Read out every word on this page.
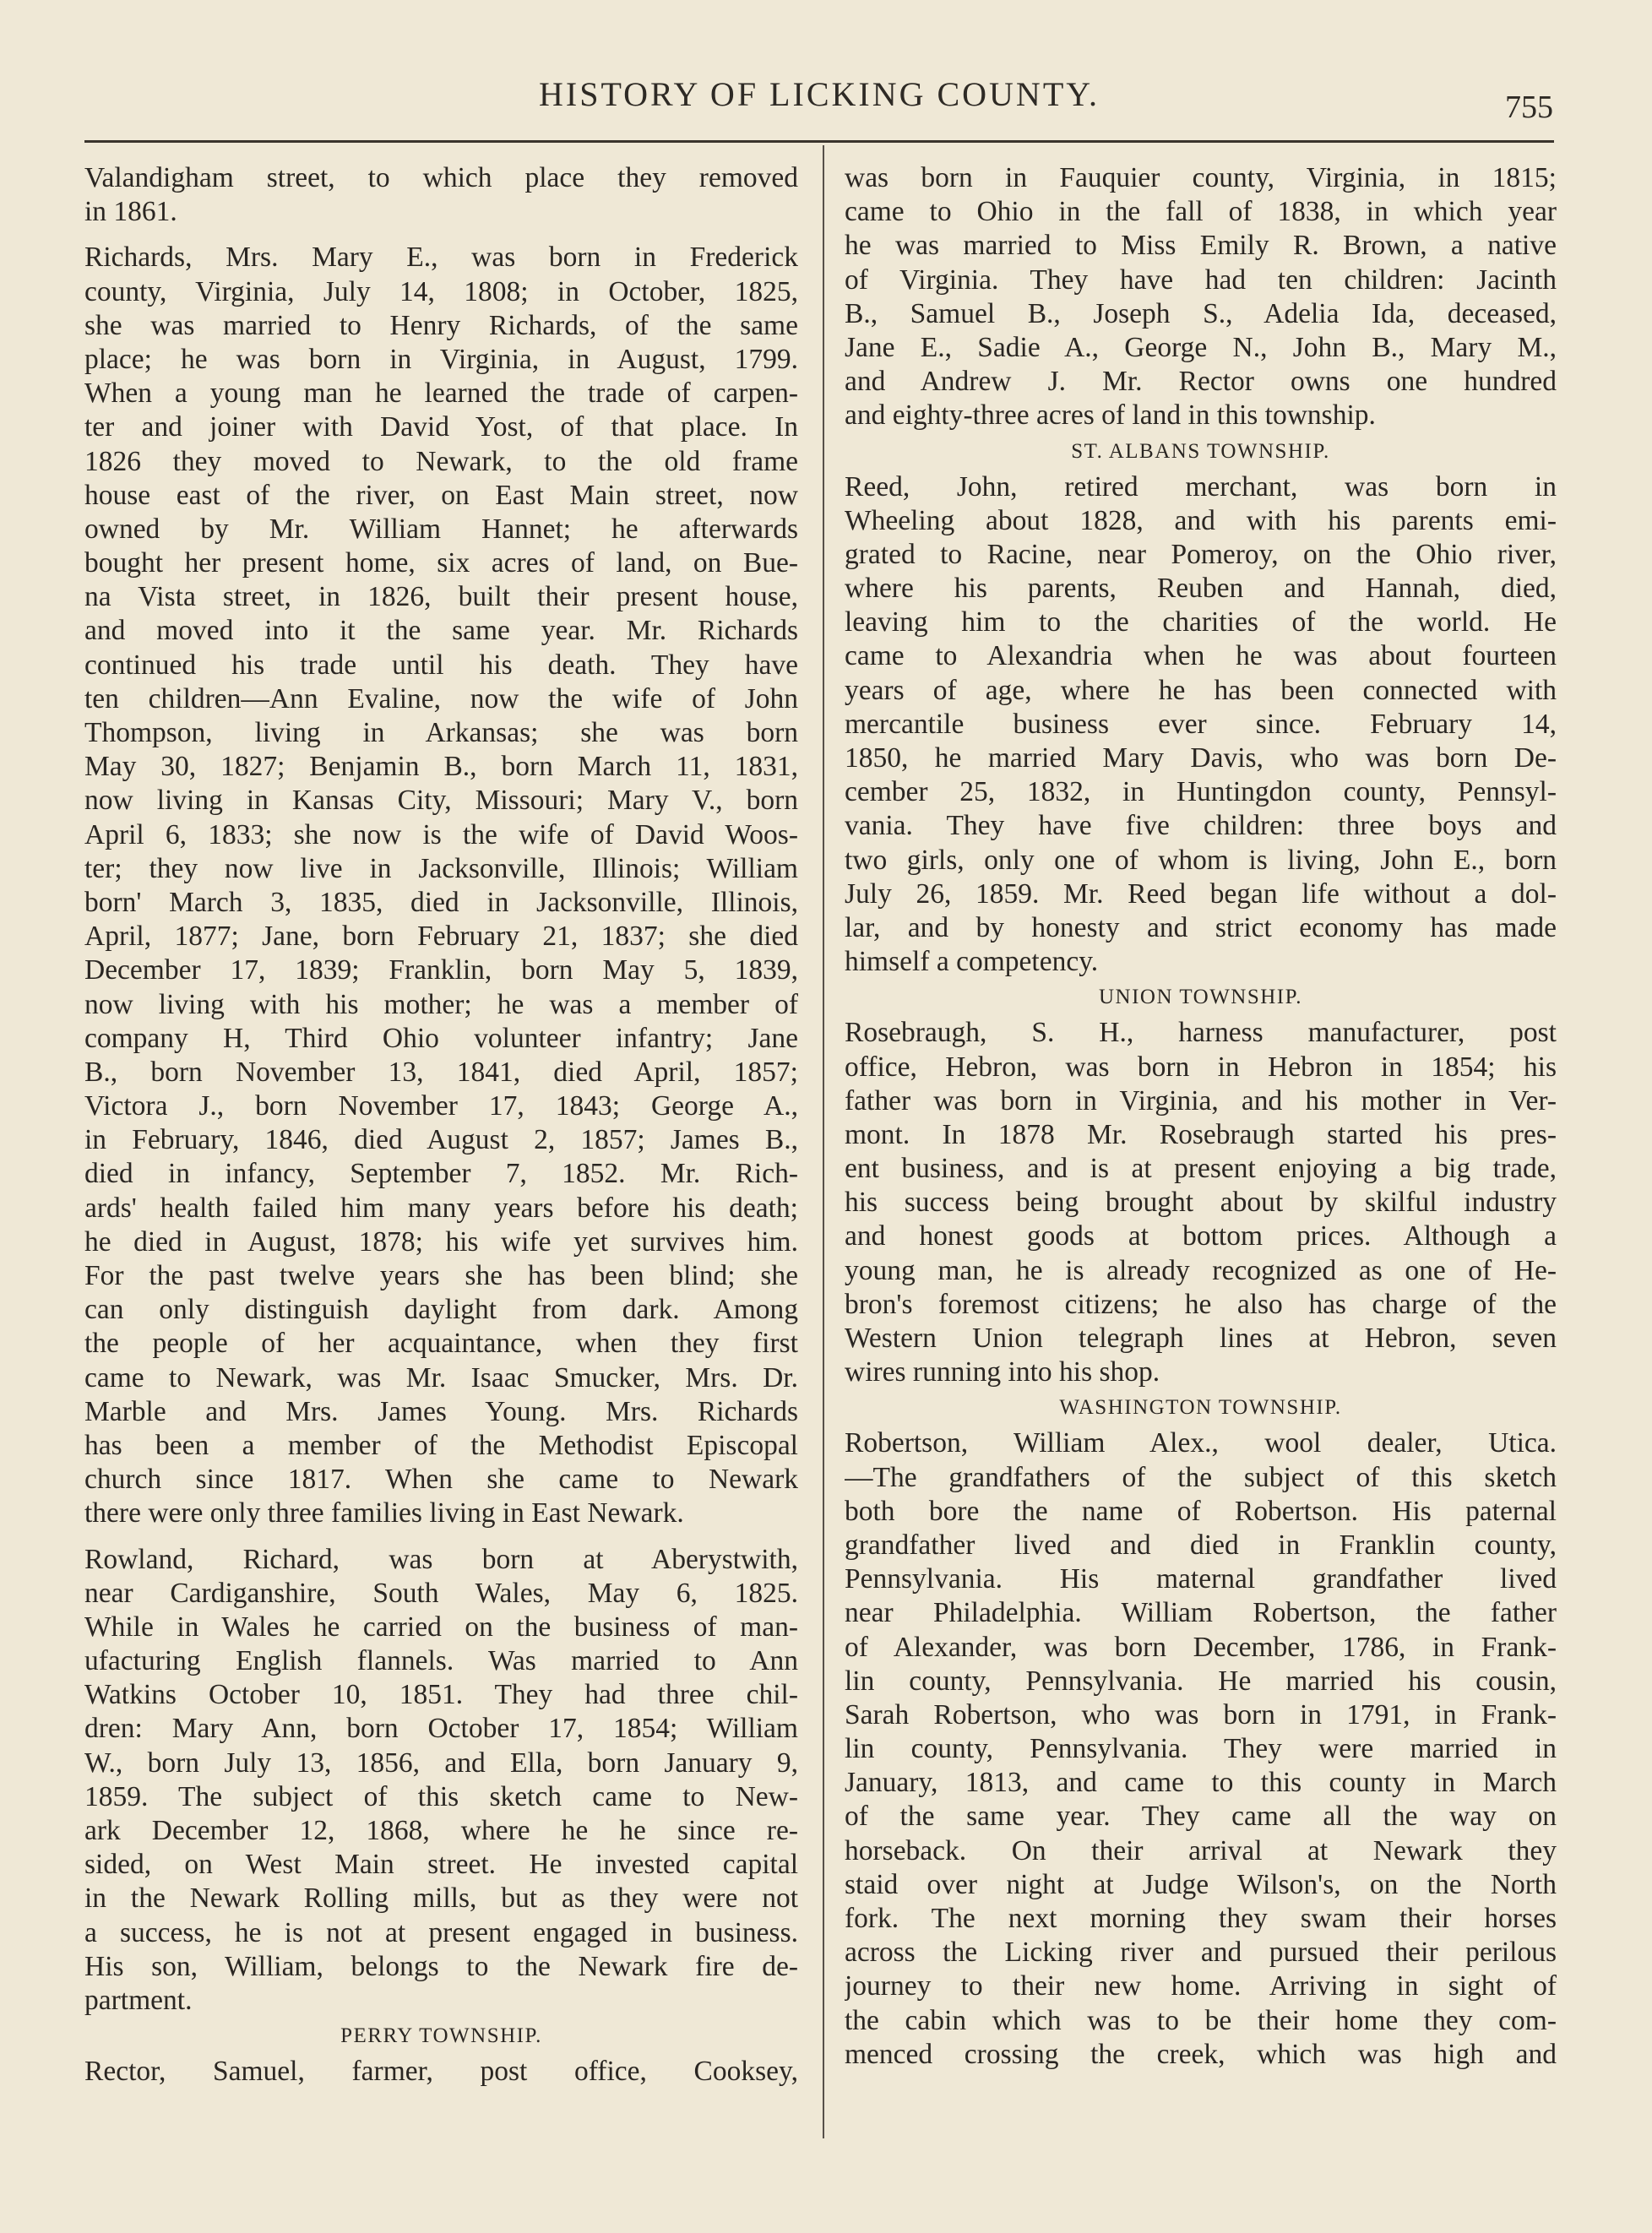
HISTORY OF LICKING COUNTY.	755
Valandigham street, to which place they removed
in 1861.
Richards, Mrs. Mary E., was born in Frederick
county, Virginia, July 14, 1808; in October, 1825,
she was married to Henry Richards, of the same
place; he was born in Virginia, in August, 1799.
When a young man he learned the trade of carpen-
ter and joiner with David Yost, of that place. In
1826 they moved to Newark, to the old frame
house east of the river, on East Main street, now
owned by Mr. William Hannet; he afterwards
bought her present home, six acres of land, on Bue-
na Vista street, in 1826, built their present house,
and moved into it the same year. Mr. Richards
continued his trade until his death. They have
ten children—Ann Evaline, now the wife of John
Thompson, living in Arkansas; she was born
May 30, 1827; Benjamin B., born March 11, 1831,
now living in Kansas City, Missouri; Mary V., born
April 6, 1833; she now is the wife of David Woos-
ter; they now live in Jacksonville, Illinois; William
born' March 3, 1835, died in Jacksonville, Illinois,
April, 1877; Jane, born February 21, 1837; she died
December 17, 1839; Franklin, born May 5, 1839,
now living with his mother; he was a member of
company H, Third Ohio volunteer infantry; Jane
B., born November 13, 1841, died April, 1857;
Victora J., born November 17, 1843; George A.,
in February, 1846, died August 2, 1857; James B.,
died in infancy, September 7, 1852. Mr. Rich-
ards' health failed him many years before his death;
he died in August, 1878; his wife yet survives him.
For the past twelve years she has been blind; she
can only distinguish daylight from dark. Among
the people of her acquaintance, when they first
came to Newark, was Mr. Isaac Smucker, Mrs. Dr.
Marble and Mrs. James Young. Mrs. Richards
has been a member of the Methodist Episcopal
church since 1817. When she came to Newark
there were only three families living in East Newark.
Rowland, Richard, was born at Aberystwith,
near Cardiganshire, South Wales, May 6, 1825.
While in Wales he carried on the business of man-
ufacturing English flannels. Was married to Ann
Watkins October 10, 1851. They had three chil-
dren: Mary Ann, born October 17, 1854; William
W., born July 13, 1856, and Ella, born January 9,
1859. The subject of this sketch came to New-
ark December 12, 1868, where he he since re-
sided, on West Main street. He invested capital
in the Newark Rolling mills, but as they were not
a success, he is not at present engaged in business.
His son, William, belongs to the Newark fire de-
partment.
PERRY TOWNSHIP.
Rector, Samuel, farmer, post office, Cooksey,
was born in Fauquier county, Virginia, in 1815;
came to Ohio in the fall of 1838, in which year
he was married to Miss Emily R. Brown, a native
of Virginia. They have had ten children: Jacinth
B., Samuel B., Joseph S., Adelia Ida, deceased,
Jane E., Sadie A., George N., John B., Mary M.,
and Andrew J. Mr. Rector owns one hundred
and eighty-three acres of land in this township.
ST. ALBANS TOWNSHIP.
Reed, John, retired merchant, was born in
Wheeling about 1828, and with his parents emi-
grated to Racine, near Pomeroy, on the Ohio river,
where his parents, Reuben and Hannah, died,
leaving him to the charities of the world. He
came to Alexandria when he was about fourteen
years of age, where he has been connected with
mercantile business ever since. February 14,
1850, he married Mary Davis, who was born De-
cember 25, 1832, in Huntingdon county, Pennsyl-
vania. They have five children: three boys and
two girls, only one of whom is living, John E., born
July 26, 1859. Mr. Reed began life without a dol-
lar, and by honesty and strict economy has made
himself a competency.
UNION TOWNSHIP.
Rosebraugh, S. H., harness manufacturer, post
office, Hebron, was born in Hebron in 1854; his
father was born in Virginia, and his mother in Ver-
mont. In 1878 Mr. Rosebraugh started his pres-
ent business, and is at present enjoying a big trade,
his success being brought about by skilful industry
and honest goods at bottom prices. Although a
young man, he is already recognized as one of He-
bron's foremost citizens; he also has charge of the
Western Union telegraph lines at Hebron, seven
wires running into his shop.
WASHINGTON TOWNSHIP.
Robertson, William Alex., wool dealer, Utica.
—The grandfathers of the subject of this sketch
both bore the name of Robertson. His paternal
grandfather lived and died in Franklin county,
Pennsylvania. His maternal grandfather lived
near Philadelphia. William Robertson, the father
of Alexander, was born December, 1786, in Frank-
lin county, Pennsylvania. He married his cousin,
Sarah Robertson, who was born in 1791, in Frank-
lin county, Pennsylvania. They were married in
January, 1813, and came to this county in March
of the same year. They came all the way on
horseback. On their arrival at Newark they
staid over night at Judge Wilson's, on the North
fork. The next morning they swam their horses
across the Licking river and pursued their perilous
journey to their new home. Arriving in sight of
the cabin which was to be their home they com-
menced crossing the creek, which was high and
